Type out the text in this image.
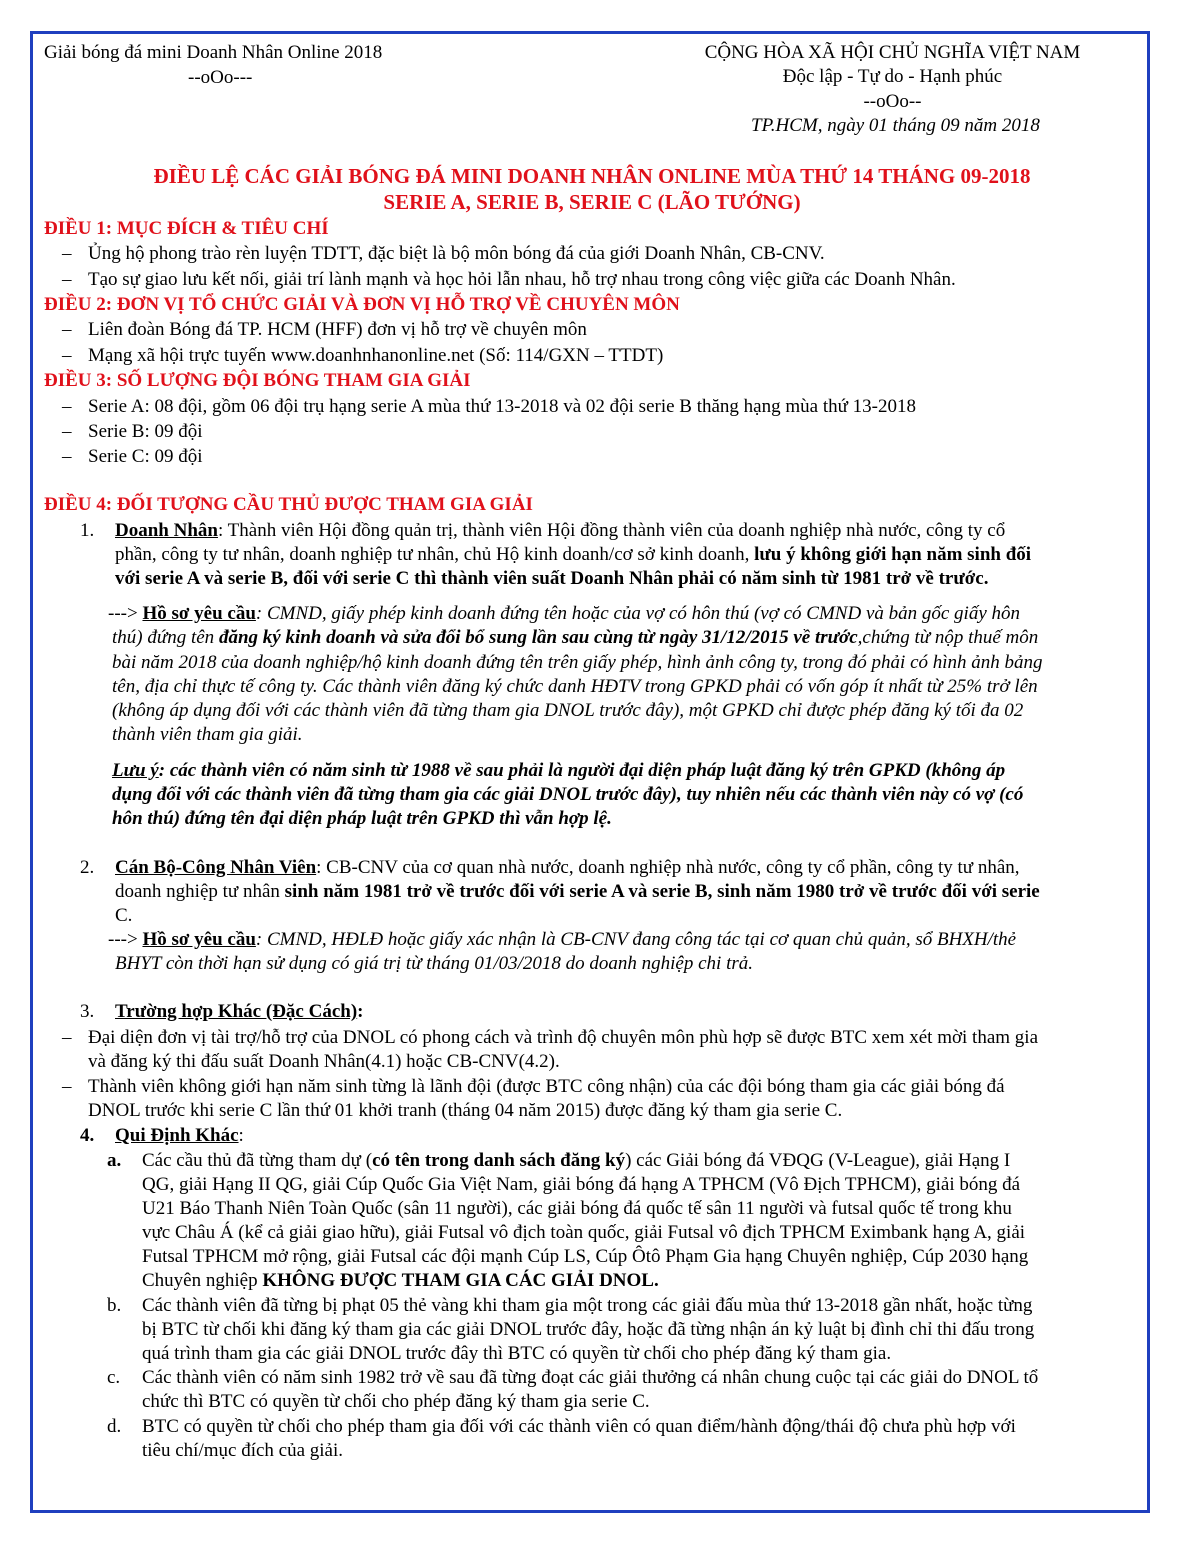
Giải bóng đá mini Doanh Nhân Online 2018
--oOo---
CỘNG HÒA XÃ HỘI CHỦ NGHĨA VIỆT NAM
Độc lập - Tự do - Hạnh phúc
--oOo--
TP.HCM, ngày 01 tháng 09 năm 2018
ĐIỀU LỆ CÁC GIẢI BÓNG ĐÁ MINI DOANH NHÂN ONLINE MÙA THỨ 14 THÁNG 09-2018
SERIE A, SERIE B, SERIE C (LÃO TƯỚNG)
ĐIỀU 1: MỤC ĐÍCH & TIÊU CHÍ
– Ủng hộ phong trào rèn luyện TDTT, đặc biệt là bộ môn bóng đá của giới Doanh Nhân, CB-CNV.
– Tạo sự giao lưu kết nối, giải trí lành mạnh và học hỏi lẫn nhau, hỗ trợ nhau trong công việc giữa các Doanh Nhân.
ĐIỀU 2: ĐƠN VỊ TỔ CHỨC GIẢI VÀ ĐƠN VỊ HỖ TRỢ VỀ CHUYÊN MÔN
– Liên đoàn Bóng đá TP. HCM (HFF) đơn vị hỗ trợ về chuyên môn
– Mạng xã hội trực tuyến www.doanhnhanonline.net (Số: 114/GXN – TTDT)
ĐIỀU 3: SỐ LƯỢNG ĐỘI BÓNG THAM GIA GIẢI
– Serie A: 08 đội, gồm 06 đội trụ hạng serie A mùa thứ 13-2018 và 02 đội serie B thăng hạng mùa thứ 13-2018
– Serie B: 09 đội
– Serie C: 09 đội
ĐIỀU 4: ĐỐI TƯỢNG CẦU THỦ ĐƯỢC THAM GIA GIẢI
1. Doanh Nhân: Thành viên Hội đồng quản trị, thành viên Hội đồng thành viên của doanh nghiệp nhà nước, công ty cổ
phần, công ty tư nhân, doanh nghiệp tư nhân, chủ Hộ kinh doanh/cơ sở kinh doanh, lưu ý không giới hạn năm sinh đối
với serie A và serie B, đối với serie C thì thành viên suất Doanh Nhân phải có năm sinh từ 1981 trở về trước.
---> Hồ sơ yêu cầu: CMND, giấy phép kinh doanh đứng tên hoặc của vợ có hôn thú (vợ có CMND và bản gốc giấy hôn
thú) đứng tên đăng ký kinh doanh và sửa đổi bổ sung lần sau cùng từ ngày 31/12/2015 về trước,chứng từ nộp thuế môn
bài năm 2018 của doanh nghiệp/hộ kinh doanh đứng tên trên giấy phép, hình ảnh công ty, trong đó phải có hình ảnh bảng
tên, địa chỉ thực tế công ty. Các thành viên đăng ký chức danh HĐTV trong GPKD phải có vốn góp ít nhất từ 25% trở lên
(không áp dụng đối với các thành viên đã từng tham gia DNOL trước đây), một GPKD chỉ được phép đăng ký tối đa 02
thành viên tham gia giải.
Lưu ý: các thành viên có năm sinh từ 1988 về sau phải là người đại diện pháp luật đăng ký trên GPKD (không áp
dụng đối với các thành viên đã từng tham gia các giải DNOL trước đây), tuy nhiên nếu các thành viên này có vợ (có
hôn thú) đứng tên đại diện pháp luật trên GPKD thì vẫn hợp lệ.
2. Cán Bộ-Công Nhân Viên: CB-CNV của cơ quan nhà nước, doanh nghiệp nhà nước, công ty cổ phần, công ty tư nhân,
doanh nghiệp tư nhân sinh năm 1981 trở về trước đối với serie A và serie B, sinh năm 1980 trở về trước đối với serie
C.
---> Hồ sơ yêu cầu: CMND, HĐLĐ hoặc giấy xác nhận là CB-CNV đang công tác tại cơ quan chủ quản, sổ BHXH/thẻ
BHYT còn thời hạn sử dụng có giá trị từ tháng 01/03/2018 do doanh nghiệp chi trả.
3. Trường hợp Khác (Đặc Cách):
– Đại diện đơn vị tài trợ/hỗ trợ của DNOL có phong cách và trình độ chuyên môn phù hợp sẽ được BTC xem xét mời tham gia
và đăng ký thi đấu suất Doanh Nhân(4.1) hoặc CB-CNV(4.2).
– Thành viên không giới hạn năm sinh từng là lãnh đội (được BTC công nhận) của các đội bóng tham gia các giải bóng đá
DNOL trước khi serie C lần thứ 01 khởi tranh (tháng 04 năm 2015) được đăng ký tham gia serie C.
4. Qui Định Khác:
a. Các cầu thủ đã từng tham dự (có tên trong danh sách đăng ký) các Giải bóng đá VĐQG (V-League), giải Hạng I
QG, giải Hạng II QG, giải Cúp Quốc Gia Việt Nam, giải bóng đá hạng A TPHCM (Vô Địch TPHCM), giải bóng đá
U21 Báo Thanh Niên Toàn Quốc (sân 11 người), các giải bóng đá quốc tế sân 11 người và futsal quốc tế trong khu
vực Châu Á (kể cả giải giao hữu), giải Futsal vô địch toàn quốc, giải Futsal vô địch TPHCM Eximbank hạng A, giải
Futsal TPHCM mở rộng, giải Futsal các đội mạnh Cúp LS, Cúp Ôtô Phạm Gia hạng Chuyên nghiệp, Cúp 2030 hạng
Chuyên nghiệp KHÔNG ĐƯỢC THAM GIA CÁC GIẢI DNOL.
b. Các thành viên đã từng bị phạt 05 thẻ vàng khi tham gia một trong các giải đấu mùa thứ 13-2018 gần nhất, hoặc từng
bị BTC từ chối khi đăng ký tham gia các giải DNOL trước đây, hoặc đã từng nhận án kỷ luật bị đình chỉ thi đấu trong
quá trình tham gia các giải DNOL trước đây thì BTC có quyền từ chối cho phép đăng ký tham gia.
c. Các thành viên có năm sinh 1982 trở về sau đã từng đoạt các giải thưởng cá nhân chung cuộc tại các giải do DNOL tổ
chức thì BTC có quyền từ chối cho phép đăng ký tham gia serie C.
d. BTC có quyền từ chối cho phép tham gia đối với các thành viên có quan điểm/hành động/thái độ chưa phù hợp với
tiêu chí/mục đích của giải.
